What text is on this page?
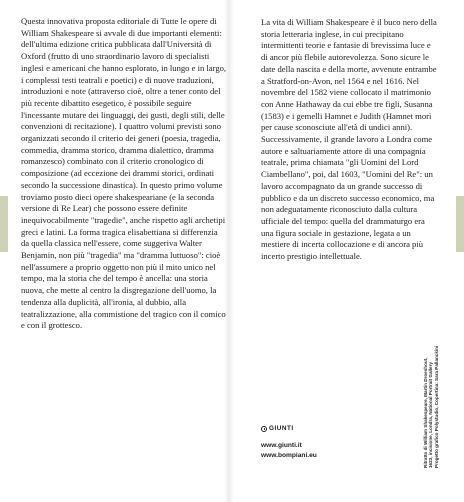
Questa innovativa proposta editoriale di Tutte le opere di William Shakespeare si avvale di due importanti elementi: dell'ultima edizione critica pubblicata dall'Università di Oxford (frutto di uno straordinario lavoro di specialisti inglesi e americani che hanno esplorato, in lungo e in largo, i complessi testi teatrali e poetici) e di nuove traduzioni, introduzioni e note (attraverso cioè, oltre a tener conto del più recente dibattito esegetico, è possibile seguire l'incessante mutare dei linguaggi, dei gusti, degli stili, delle convenzioni di recitazione). I quattro volumi previsti sono organizzati secondo il criterio dei generi (poesia, tragedia, commedia, dramma storico, dramma dialettico, dramma romanzesco) combinato con il criterio cronologico di composizione (ad eccezione dei drammi storici, ordinati secondo la successione dinastica). In questo primo volume troviamo posto dieci opere shakespeariane (e la seconda versione di Re Lear) che possono essere definite inequivocabilmente "tragedie", anche rispetto agli archetipi greci e latini. La forma tragica elisabettiana si differenzia da quella classica nell'essere, come suggeriva Walter Benjamin, non più "tragedia" ma "dramma luttuoso": cioè nell'assumere a proprio oggetto non più il mito unico nel tempo, ma la storia che del tempo è ancella: una storia nuova, che mette al centro la disgregazione dell'uomo, la tendenza alla duplicità, all'ironia, al dubbio, alla teatralizzazione, alla commistione del tragico con il comico e con il grottesco.

La vita di William Shakespeare è il buco nero della storia letteraria inglese, in cui precipitano intermittenti teorie e fantasie di brevissima luce e di ancor più flebile autorevolezza. Sono sicure le date della nascita e della morte, avvenute entrambe a Stratford-on-Avon, nel 1564 e nel 1616. Nel novembre del 1582 viene collocato il matrimonio con Anne Hathaway da cui ebbe tre figli, Susanna (1583) e i gemelli Hamnet e Judith (Hamnet morì per cause sconosciute all'età di undici anni). Successivamente, il grande lavoro a Londra come autore e saltuariamente attore di una compagnia teatrale, prima chiamata "gli Uomini del Lord Ciambellano", poi, dal 1603, "Uomini del Re": un lavoro accompagnato da un grande successo di pubblico e da un discreto successo economico, ma non adeguatamente riconosciuto dalla cultura ufficiale del tempo: quella del drammaturgo era una figura sociale in gestazione, legata a un mestiere di incerta collocazione e di ancora più incerto prestigio intellettuale.

GIUNTI
www.giunti.it
www.bompiani.eu	Ritratto di William Shakespeare, Martin Droeshout, 1623, incisione, Londra, National Portrait Gallery Progetto grafico Polystudio, Copertina: Sara Pallanckini
